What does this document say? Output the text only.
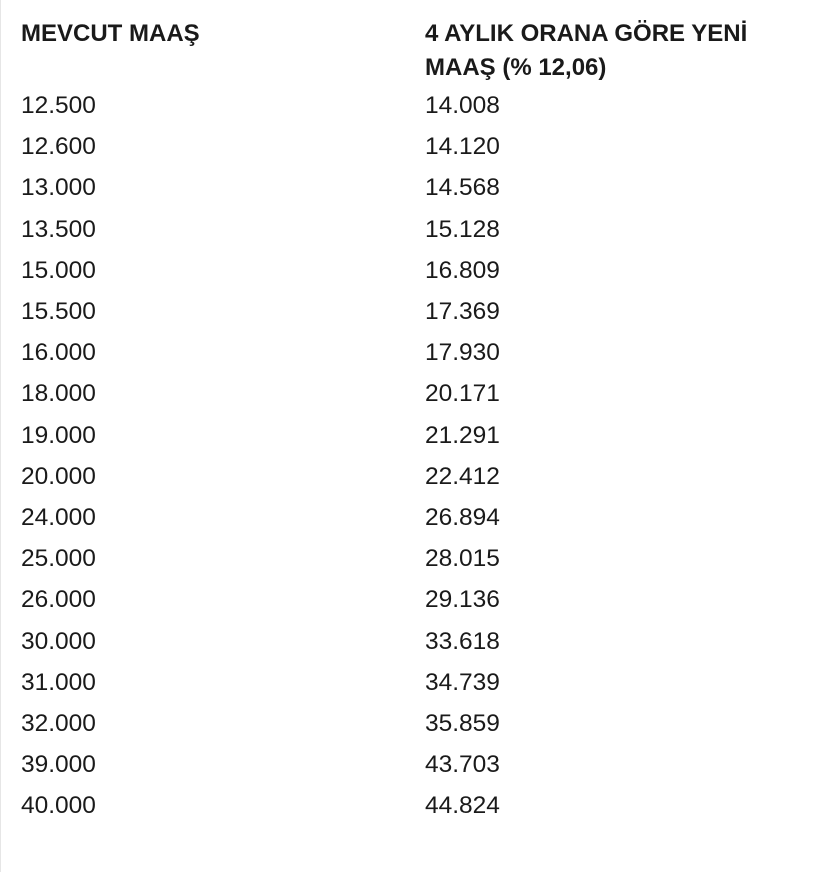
MEVCUT MAAŞ	4 AYLIK ORANA GÖRE YENİ
MAAŞ (% 12,06)
12.500	14.008
12.600	14.120
13.000	14.568
13.500	15.128
15.000	16.809
15.500	17.369
16.000	17.930
18.000	20.171
19.000	21.291
20.000	22.412
24.000	26.894
25.000	28.015
26.000	29.136
30.000	33.618
31.000	34.739
32.000	35.859
39.000	43.703
40.000	44.824
